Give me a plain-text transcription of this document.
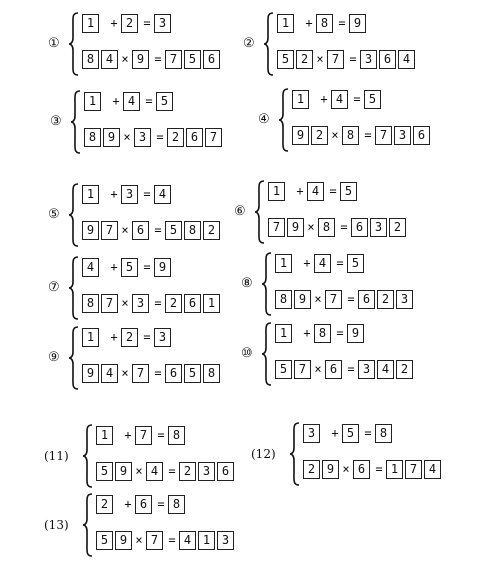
①
1	+ 2 = 3
8 4 × 9 = 7 5 6
②
1	+ 8 = 9
5 2 × 7 = 3 6 4
③
1	+ 4 = 5
8 9 × 3 = 2 6 7
④
1	+ 4 = 5
9 2 × 8 = 7 3 6
⑤
1	+ 3 = 4
9 7 × 6 = 5 8 2
⑥
1	+ 4 = 5
7 9 × 8 = 6 3 2
⑦
4	+ 5 = 9
8 7 × 3 = 2 6 1
⑧
1	+ 4 = 5
8 9 × 7 = 6 2 3
⑨
1	+ 2 = 3
9 4 × 7 = 6 5 8
⑩
1	+ 8 = 9
5 7 × 6 = 3 4 2
(11)
1	+ 7 = 8
5 9 × 4 = 2 3 6
(12)
3	+ 5 = 8
2 9 × 6 = 1 7 4
(13)
2	+ 6 = 8
5 9 × 7 = 4 1 3
